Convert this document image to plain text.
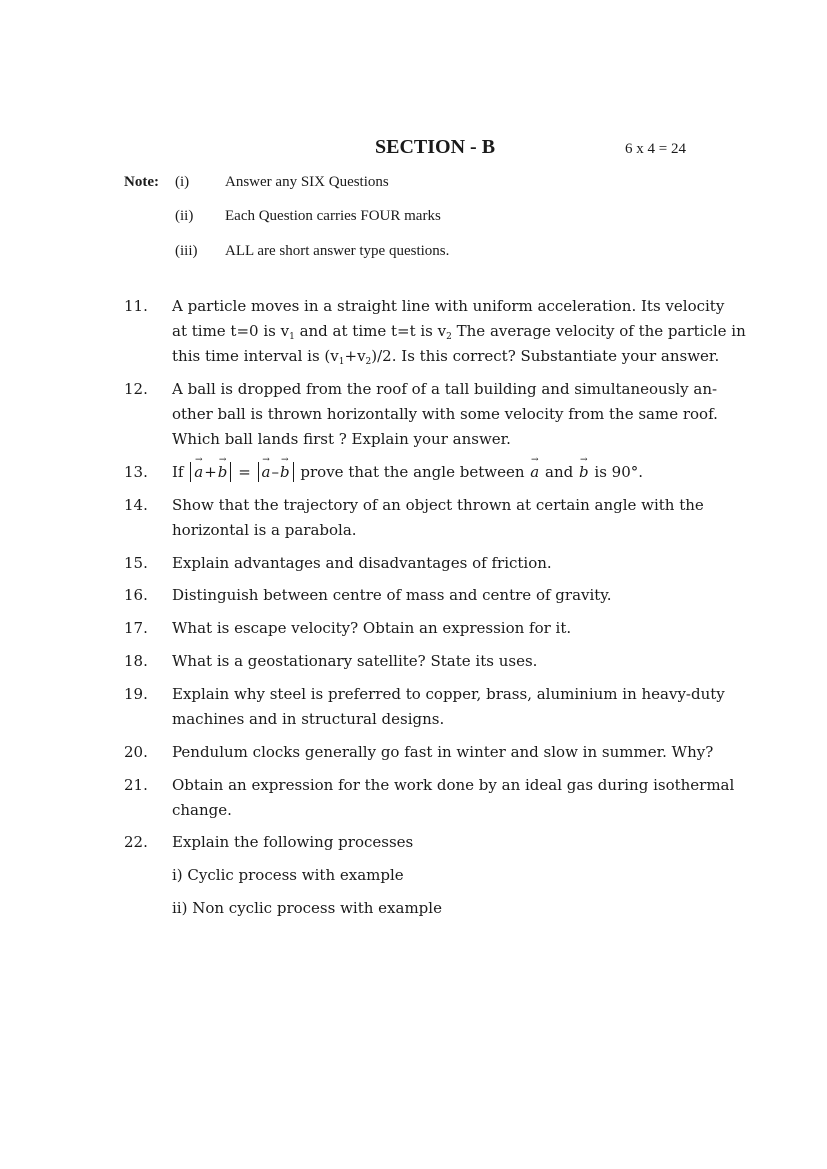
SECTION - B	6 x 4 = 24
Note: (i) Answer any SIX Questions
(ii) Each Question carries FOUR marks
(iii) ALL are short answer type questions.
11. A particle moves in a straight line with uniform acceleration. Its velocity
at time t=0 is $v_1$ and at time t=t is $v_2$ The average velocity of the particle in
this time interval is $(v_1+v_2)/2$. Is this correct? Substantiate your answer.
12. A ball is dropped from the roof of a tall building and simultaneously an-
other ball is thrown horizontally with some velocity from the same roof.
Which ball lands first ? Explain your answer.
13. If → a+→ b = → a–→ b prove that the angle between → a and → b is 90°.
14. Show that the trajectory of an object thrown at certain angle with the
horizontal is a parabola.
15. Explain advantages and disadvantages of friction.
16. Distinguish between centre of mass and centre of gravity.
17. What is escape velocity? Obtain an expression for it.
18. What is a geostationary satellite? State its uses.
19. Explain why steel is preferred to copper, brass, aluminium in heavy-duty
machines and in structural designs.
20. Pendulum clocks generally go fast in winter and slow in summer. Why?
21. Obtain an expression for the work done by an ideal gas during isothermal
change.
22. Explain the following processes
i) Cyclic process with example
ii) Non cyclic process with example
